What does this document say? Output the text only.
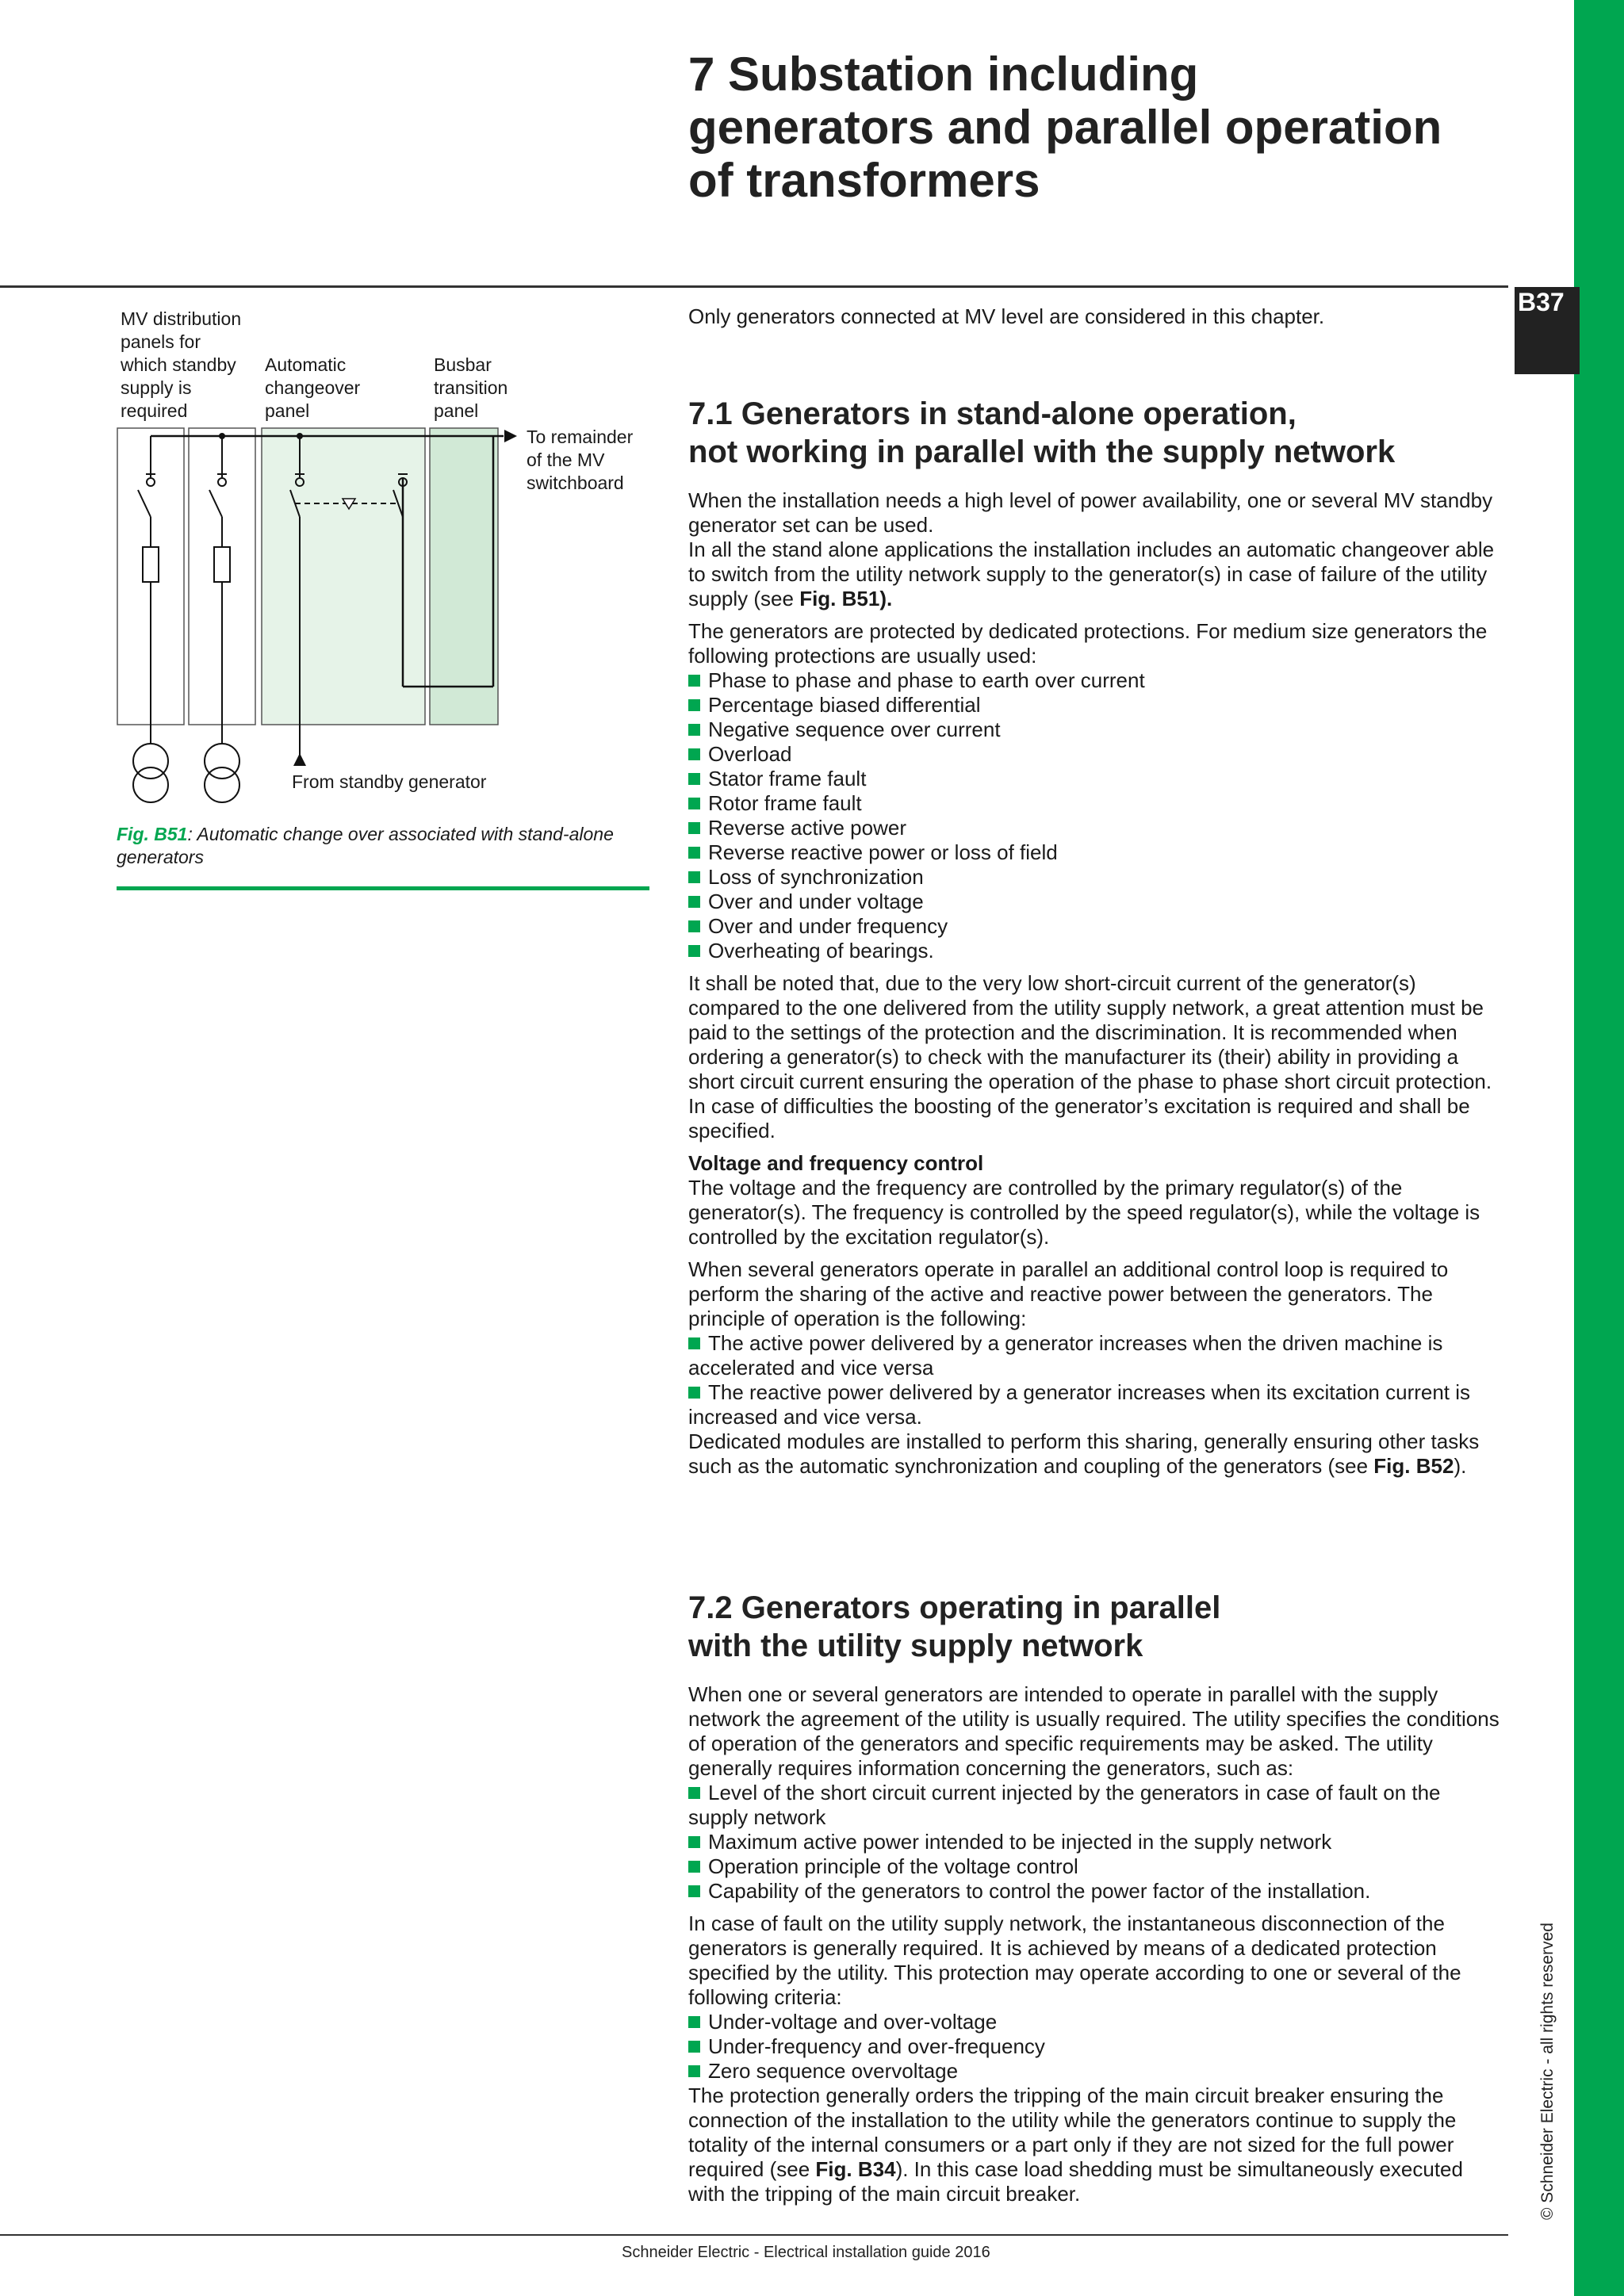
B37
© Schneider Electric - all rights reserved
Schneider Electric - Electrical installation guide 2016
7 Substation including
generators and parallel operation
of transformers
MV distribution panels for which standby supply is required
Automatic changeover panel
Busbar transition panel
To remainder of the MV switchboard
From standby generator
Fig. B51: Automatic change over associated with stand-alone generators

Only generators connected at MV level are considered in this chapter.

7.1 Generators in stand-alone operation,
not working in parallel with the supply network

When the installation needs a high level of power availability, one or several MV standby generator set can be used.

In all the stand alone applications the installation includes an automatic changeover able to switch from the utility network supply to the generator(s) in case of failure of the utility supply (see Fig. B51).

The generators are protected by dedicated protections. For medium size generators the following protections are usually used:

Phase to phase and phase to earth over current
Percentage biased differential
Negative sequence over current
Overload
Stator frame fault
Rotor frame fault
Reverse active power
Reverse reactive power or loss of field
Loss of synchronization
Over and under voltage
Over and under frequency
Overheating of bearings.

It shall be noted that, due to the very low short-circuit current of the generator(s) compared to the one delivered from the utility supply network, a great attention must be paid to the settings of the protection and the discrimination. It is recommended when ordering a generator(s) to check with the manufacturer its (their) ability in providing a short circuit current ensuring the operation of the phase to phase short circuit protection. In case of difficulties the boosting of the generator’s excitation is required and shall be specified.

Voltage and frequency control

The voltage and the frequency are controlled by the primary regulator(s) of the generator(s). The frequency is controlled by the speed regulator(s), while the voltage is controlled by the excitation regulator(s).

When several generators operate in parallel an additional control loop is required to perform the sharing of the active and reactive power between the generators. The principle of operation is the following:

The active power delivered by a generator increases when the driven machine is accelerated and vice versa
The reactive power delivered by a generator increases when its excitation current is increased and vice versa.

Dedicated modules are installed to perform this sharing, generally ensuring other tasks such as the automatic synchronization and coupling of the generators (see Fig. B52).

7.2 Generators operating in parallel
with the utility supply network

When one or several generators are intended to operate in parallel with the supply network the agreement of the utility is usually required. The utility specifies the conditions of operation of the generators and specific requirements may be asked. The utility generally requires information concerning the generators, such as:

Level of the short circuit current injected by the generators in case of fault on the supply network
Maximum active power intended to be injected in the supply network
Operation principle of the voltage control
Capability of the generators to control the power factor of the installation.

In case of fault on the utility supply network, the instantaneous disconnection of the generators is generally required. It is achieved by means of a dedicated protection specified by the utility. This protection may operate according to one or several of the following criteria:

Under-voltage and over-voltage
Under-frequency and over-frequency
Zero sequence overvoltage

The protection generally orders the tripping of the main circuit breaker ensuring the connection of the installation to the utility while the generators continue to supply the totality of the internal consumers or a part only if they are not sized for the full power required (see Fig. B34). In this case load shedding must be simultaneously executed with the tripping of the main circuit breaker.
